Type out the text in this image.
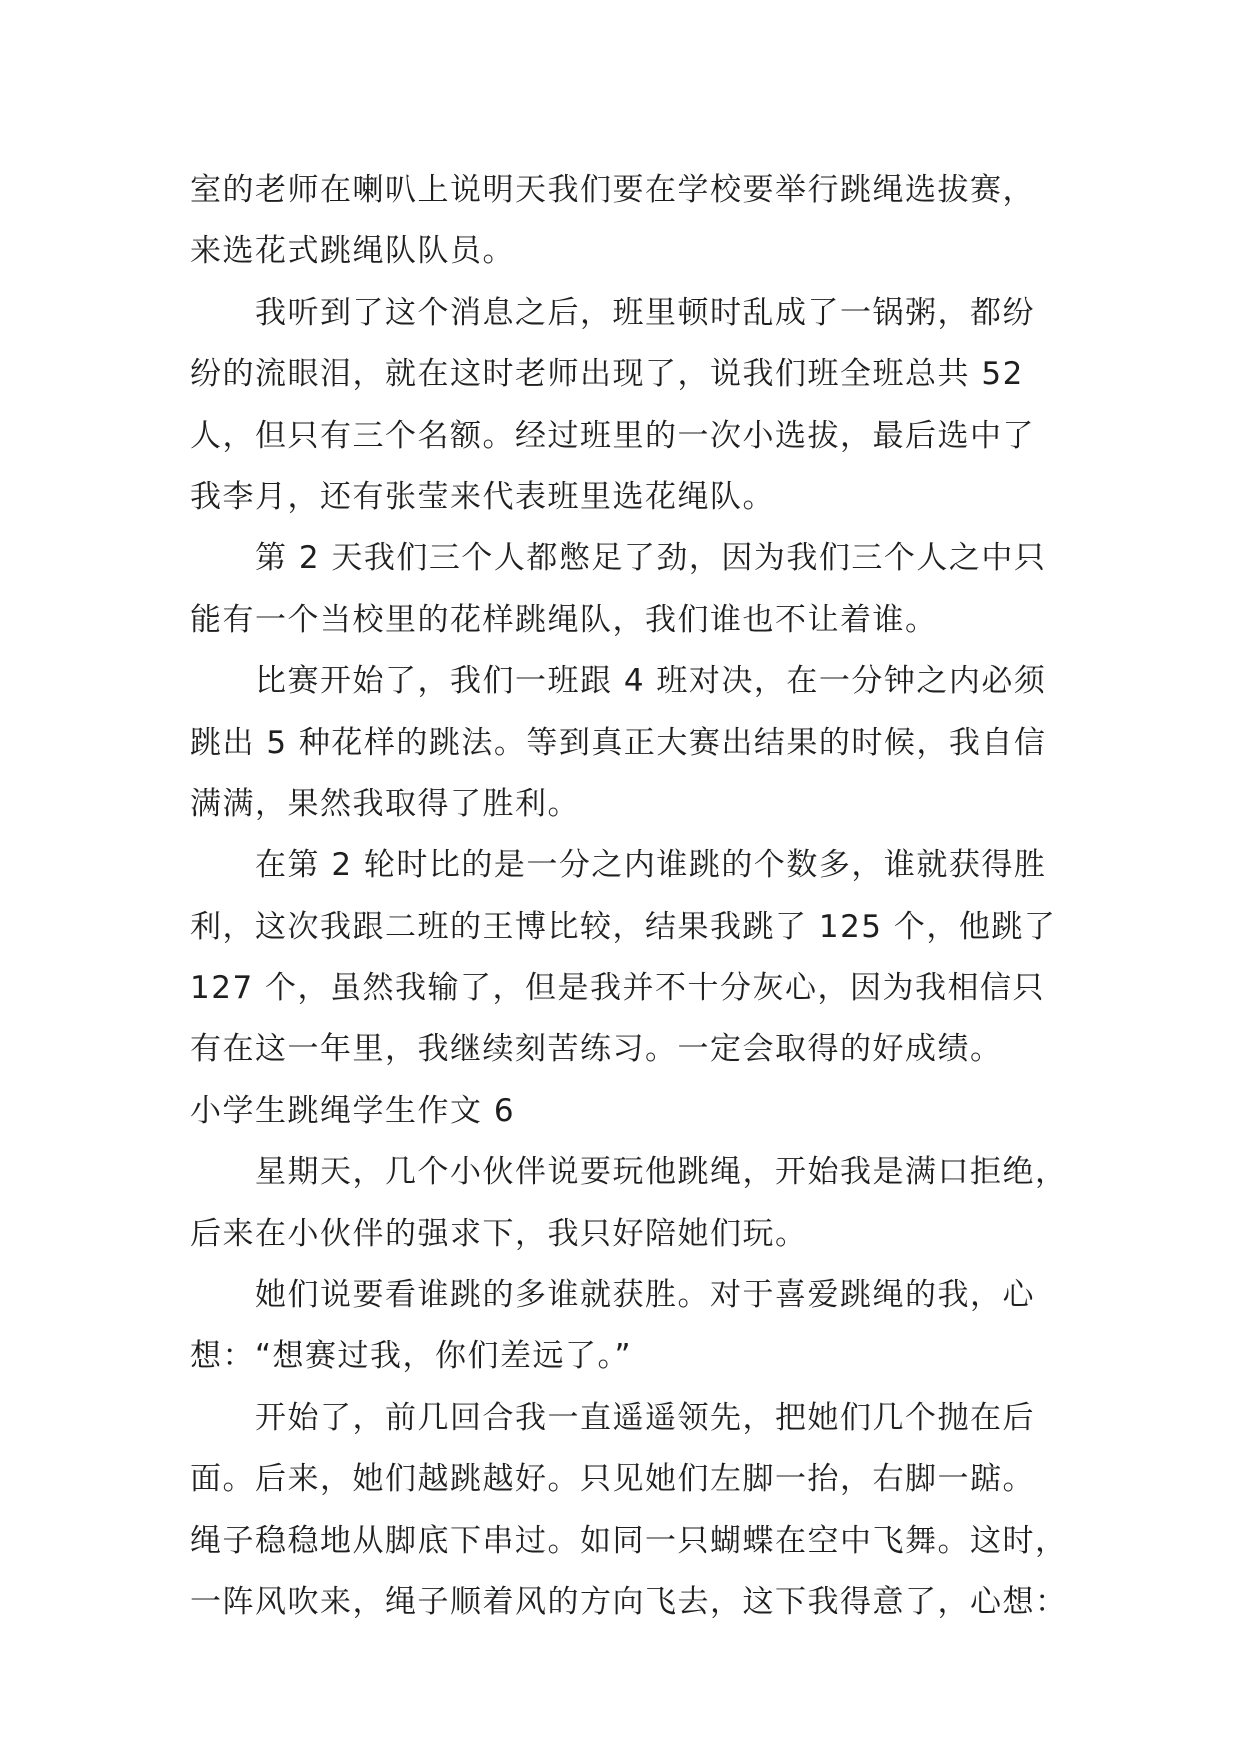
室的老师在喇叭上说明天我们要在学校要举行跳绳选拔赛，
来选花式跳绳队队员。
我听到了这个消息之后，班里顿时乱成了一锅粥，都纷
纷的流眼泪，就在这时老师出现了，说我们班全班总共 52
人，但只有三个名额。经过班里的一次小选拔，最后选中了
我李月，还有张莹来代表班里选花绳队。
第 2 天我们三个人都憋足了劲，因为我们三个人之中只
能有一个当校里的花样跳绳队，我们谁也不让着谁。
比赛开始了，我们一班跟 4 班对决，在一分钟之内必须
跳出 5 种花样的跳法。等到真正大赛出结果的时候，我自信
满满，果然我取得了胜利。
在第 2 轮时比的是一分之内谁跳的个数多，谁就获得胜
利，这次我跟二班的王博比较，结果我跳了 125 个，他跳了
127 个，虽然我输了，但是我并不十分灰心，因为我相信只
有在这一年里，我继续刻苦练习。一定会取得的好成绩。
小学生跳绳学生作文 6
星期天，几个小伙伴说要玩他跳绳，开始我是满口拒绝，
后来在小伙伴的强求下，我只好陪她们玩。
她们说要看谁跳的多谁就获胜。对于喜爱跳绳的我，心
想：“想赛过我，你们差远了。”
开始了，前几回合我一直遥遥领先，把她们几个抛在后
面。后来，她们越跳越好。只见她们左脚一抬，右脚一踮。
绳子稳稳地从脚底下串过。如同一只蝴蝶在空中飞舞。这时，
一阵风吹来，绳子顺着风的方向飞去，这下我得意了，心想：
